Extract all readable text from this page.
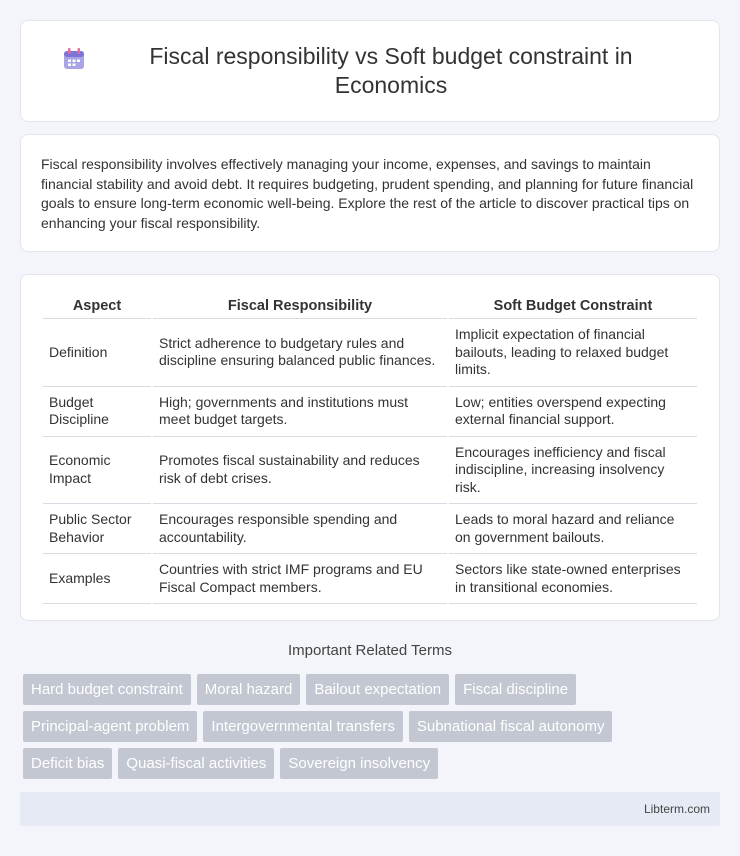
Fiscal responsibility vs Soft budget constraint in Economics

Fiscal responsibility involves effectively managing your income, expenses, and savings to maintain financial stability and avoid debt. It requires budgeting, prudent spending, and planning for future financial goals to ensure long-term economic well-being. Explore the rest of the article to discover practical tips on enhancing your fiscal responsibility.

Aspect	Fiscal Responsibility	Soft Budget Constraint
Definition	Strict adherence to budgetary rules and discipline ensuring balanced public finances.	Implicit expectation of financial bailouts, leading to relaxed budget limits.
Budget Discipline	High; governments and institutions must meet budget targets.	Low; entities overspend expecting external financial support.
Economic Impact	Promotes fiscal sustainability and reduces risk of debt crises.	Encourages inefficiency and fiscal indiscipline, increasing insolvency risk.
Public Sector Behavior	Encourages responsible spending and accountability.	Leads to moral hazard and reliance on government bailouts.
Examples	Countries with strict IMF programs and EU Fiscal Compact members.	Sectors like state-owned enterprises in transitional economies.
Important Related Terms
Hard budget constraint	Moral hazard	Bailout expectation	Fiscal discipline
Principal-agent problem	Intergovernmental transfers	Subnational fiscal autonomy
Deficit bias	Quasi-fiscal activities	Sovereign insolvency
Libterm.com
